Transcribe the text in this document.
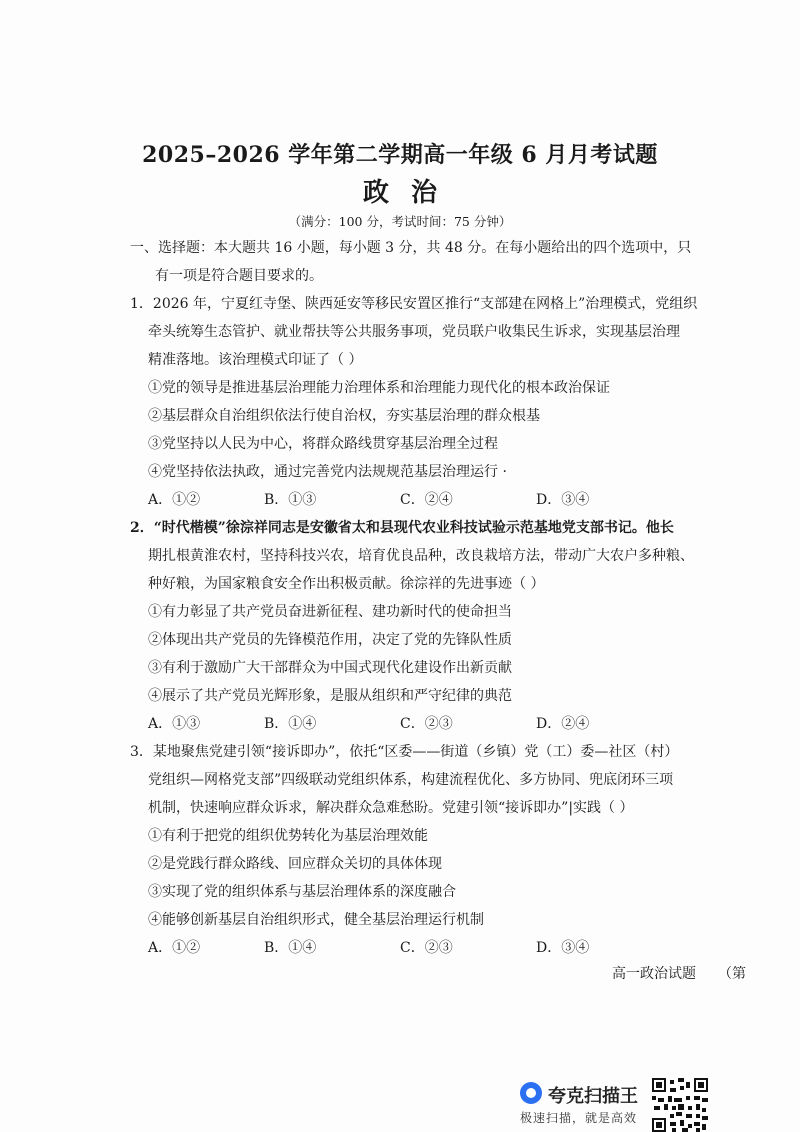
2025–2026 学年第二学期高一年级 6 月月考试题
政治
（满分：100 分，考试时间：75 分钟）
一、选择题：本大题共 16 小题，每小题 3 分，共 48 分。在每小题给出的四个选项中，只
有一项是符合题目要求的。
1．2026 年，宁夏红寺堡、陕西延安等移民安置区推行“支部建在网格上”治理模式，党组织
牵头统筹生态管护、就业帮扶等公共服务事项，党员联户收集民生诉求，实现基层治理
精准落地。该治理模式印证了（ ）
①党的领导是推进基层治理能力治理体系和治理能力现代化的根本政治保证
②基层群众自治组织依法行使自治权，夯实基层治理的群众根基
③党坚持以人民为中心，将群众路线贯穿基层治理全过程
④党坚持依法执政，通过完善党内法规规范基层治理运行 ·
A．①②	B．①③	C．②④	D．③④
2．“时代楷模”徐淙祥同志是安徽省太和县现代农业科技试验示范基地党支部书记。他长
期扎根黄淮农村，坚持科技兴农，培育优良品种，改良栽培方法，带动广大农户多种粮、
种好粮，为国家粮食安全作出积极贡献。徐淙祥的先进事迹（ ）
①有力彰显了共产党员奋进新征程、建功新时代的使命担当
②体现出共产党员的先锋模范作用，决定了党的先锋队性质
③有利于激励广大干部群众为中国式现代化建设作出新贡献
④展示了共产党员光辉形象，是服从组织和严守纪律的典范
A．①③	B．①④	C．②③	D．②④
3．某地聚焦党建引领“接诉即办”，依托“区委——街道（乡镇）党（工）委—社区（村）
党组织—网格党支部”四级联动党组织体系，构建流程优化、多方协同、兜底闭环三项
机制，快速响应群众诉求，解决群众急难愁盼。党建引领“接诉即办”|实践（ ）
①有利于把党的组织优势转化为基层治理效能
②是党践行群众路线、回应群众关切的具体体现
③实现了党的组织体系与基层治理体系的深度融合
④能够创新基层自治组织形式，健全基层治理运行机制
A．①②	B．①④	C．②③	D．③④
高一政治试题 （第
夸克扫描王
极速扫描，就是高效
